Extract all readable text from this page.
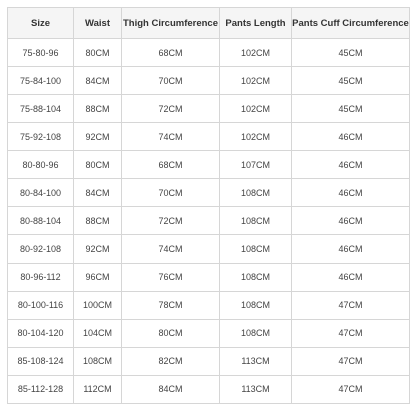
Size	Waist	Thigh Circumference	Pants Length	Pants Cuff Circumference
75-80-96	80CM	68CM	102CM	45CM
75-84-100	84CM	70CM	102CM	45CM
75-88-104	88CM	72CM	102CM	45CM
75-92-108	92CM	74CM	102CM	46CM
80-80-96	80CM	68CM	107CM	46CM
80-84-100	84CM	70CM	108CM	46CM
80-88-104	88CM	72CM	108CM	46CM
80-92-108	92CM	74CM	108CM	46CM
80-96-112	96CM	76CM	108CM	46CM
80-100-116	100CM	78CM	108CM	47CM
80-104-120	104CM	80CM	108CM	47CM
85-108-124	108CM	82CM	113CM	47CM
85-112-128	112CM	84CM	113CM	47CM
